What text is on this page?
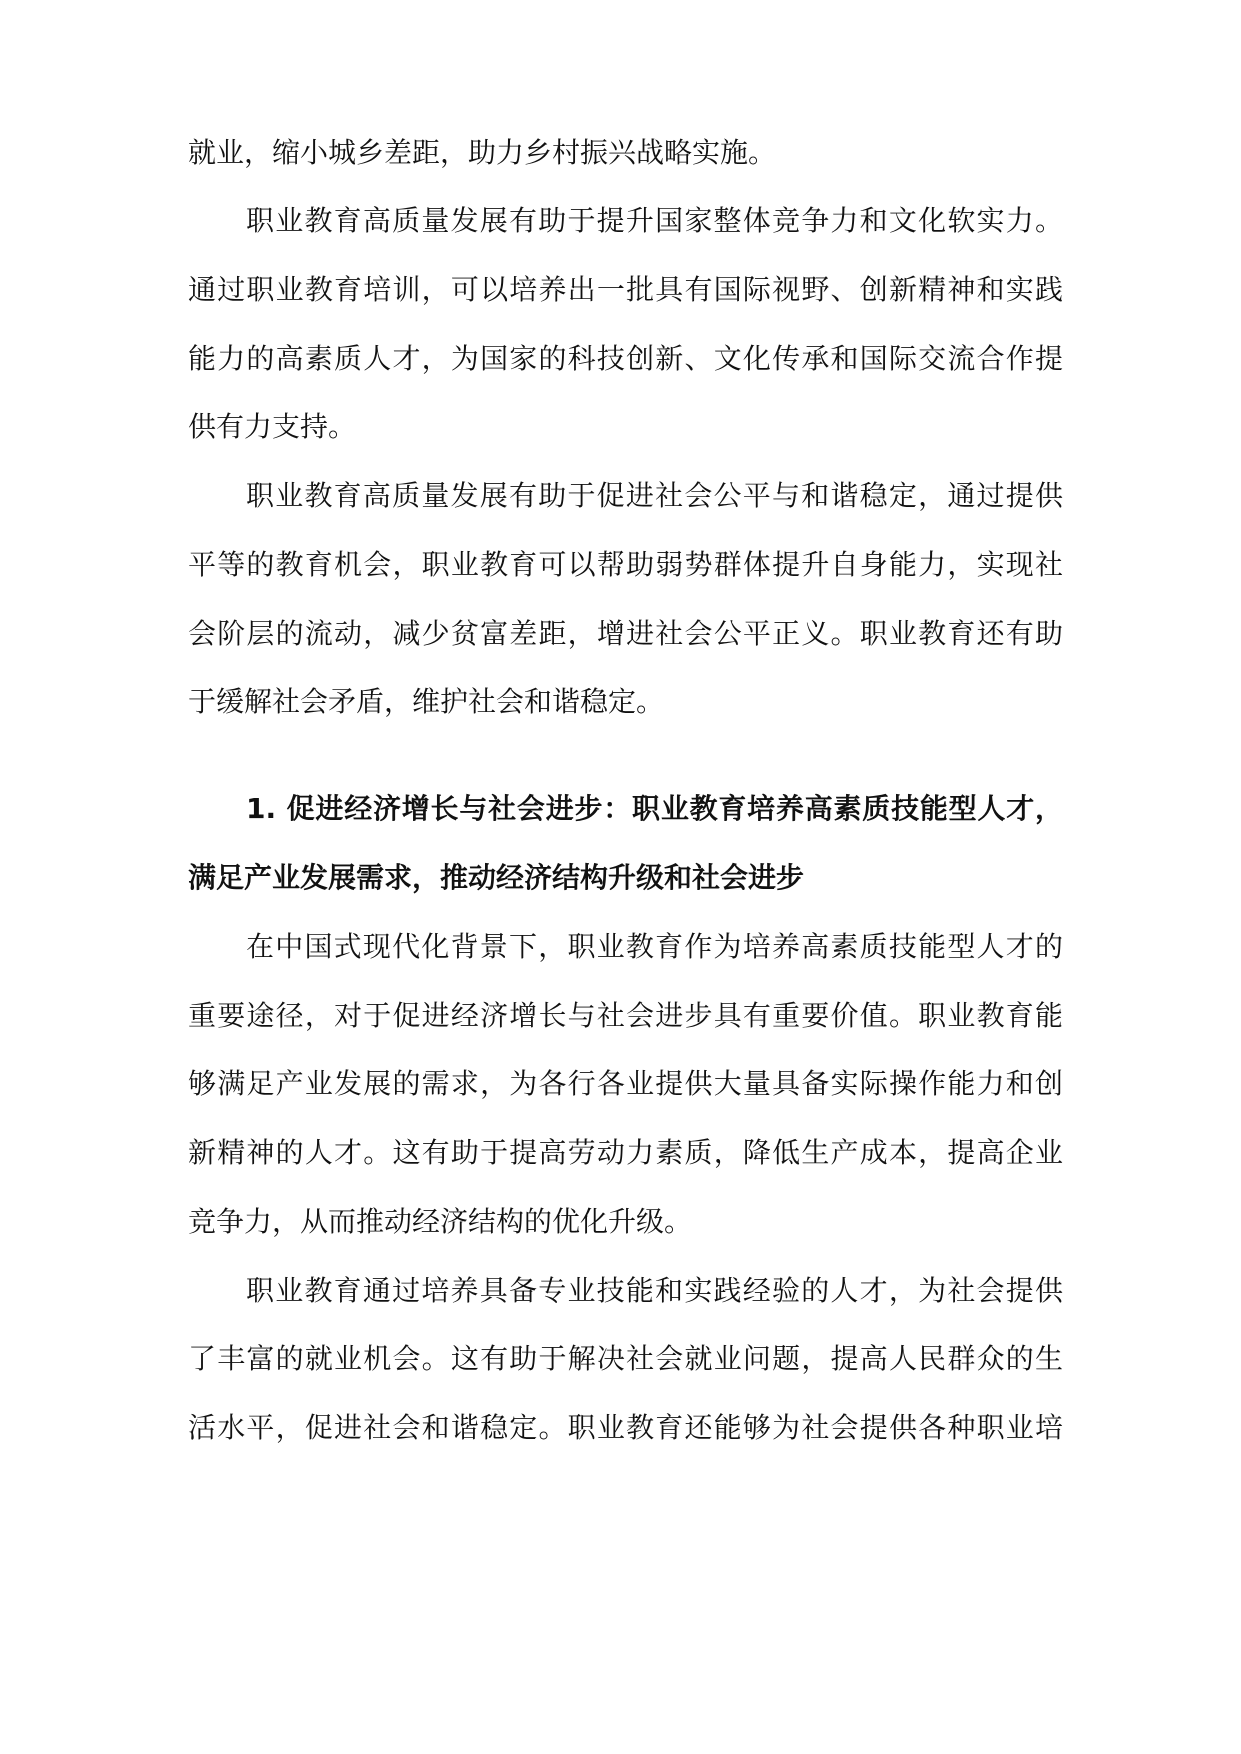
就业，缩小城乡差距，助力乡村振兴战略实施。
职业教育高质量发展有助于提升国家整体竞争力和文化软实力。
通过职业教育培训，可以培养出一批具有国际视野、创新精神和实践
能力的高素质人才，为国家的科技创新、文化传承和国际交流合作提
供有力支持。
职业教育高质量发展有助于促进社会公平与和谐稳定，通过提供
平等的教育机会，职业教育可以帮助弱势群体提升自身能力，实现社
会阶层的流动，减少贫富差距，增进社会公平正义。职业教育还有助
于缓解社会矛盾，维护社会和谐稳定。
1. 促进经济增长与社会进步：职业教育培养高素质技能型人才，
满足产业发展需求，推动经济结构升级和社会进步
在中国式现代化背景下，职业教育作为培养高素质技能型人才的
重要途径，对于促进经济增长与社会进步具有重要价值。职业教育能
够满足产业发展的需求，为各行各业提供大量具备实际操作能力和创
新精神的人才。这有助于提高劳动力素质，降低生产成本，提高企业
竞争力，从而推动经济结构的优化升级。
职业教育通过培养具备专业技能和实践经验的人才，为社会提供
了丰富的就业机会。这有助于解决社会就业问题，提高人民群众的生
活水平，促进社会和谐稳定。职业教育还能够为社会提供各种职业培
